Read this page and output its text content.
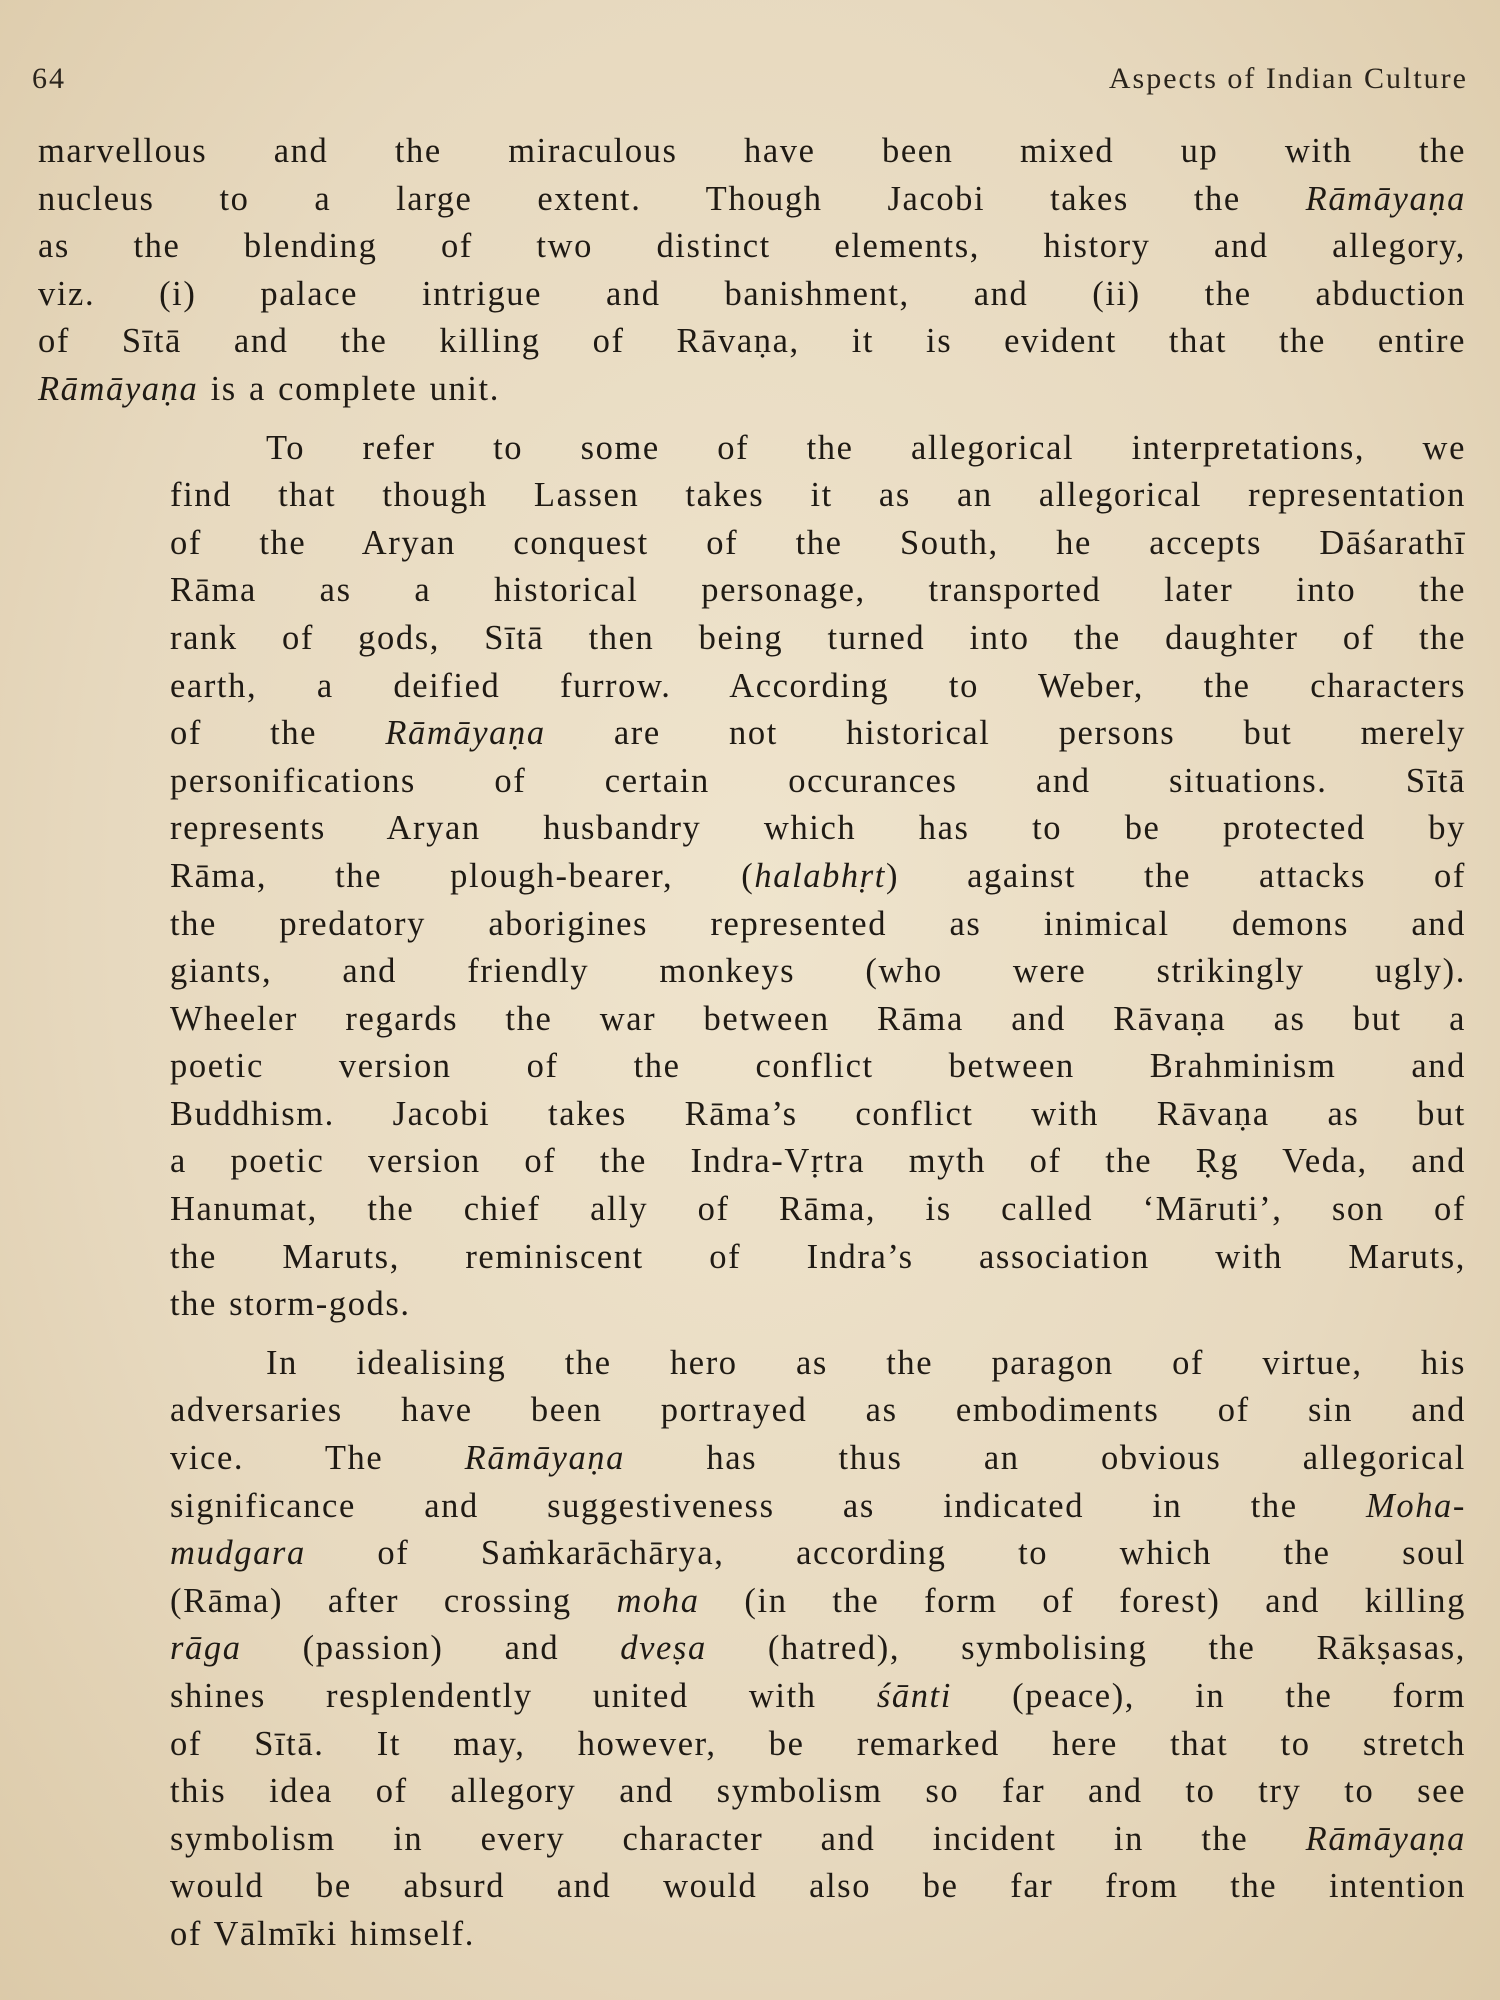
64	Aspects of Indian Culture
marvellous and the miraculous have been mixed up with the
nucleus to a large extent. Though Jacobi takes the Rāmāyaṇa
as the blending of two distinct elements, history and allegory,
viz. (i) palace intrigue and banishment, and (ii) the abduction
of Sītā and the killing of Rāvaṇa, it is evident that the entire
Rāmāyaṇa is a complete unit.
To refer to some of the allegorical interpretations, we
find that though Lassen takes it as an allegorical representation
of the Aryan conquest of the South, he accepts Dāśarathī
Rāma as a historical personage, transported later into the
rank of gods, Sītā then being turned into the daughter of the
earth, a deified furrow. According to Weber, the characters
of the Rāmāyaṇa are not historical persons but merely
personifications of certain occurances and situations. Sītā
represents Aryan husbandry which has to be protected by
Rāma, the plough-bearer, (halabhṛt) against the attacks of
the predatory aborigines represented as inimical demons and
giants, and friendly monkeys (who were strikingly ugly).
Wheeler regards the war between Rāma and Rāvaṇa as but a
poetic version of the conflict between Brahminism and
Buddhism. Jacobi takes Rāma’s conflict with Rāvaṇa as but
a poetic version of the Indra-Vṛtra myth of the Ṛg Veda, and
Hanumat, the chief ally of Rāma, is called ‘Māruti’, son of
the Maruts, reminiscent of Indra’s association with Maruts,
the storm-gods.
In idealising the hero as the paragon of virtue, his
adversaries have been portrayed as embodiments of sin and
vice. The Rāmāyaṇa has thus an obvious allegorical
significance and suggestiveness as indicated in the Moha-
mudgara of Saṁkarāchārya, according to which the soul
(Rāma) after crossing moha (in the form of forest) and killing
rāga (passion) and dveṣa (hatred), symbolising the Rākṣasas,
shines resplendently united with śānti (peace), in the form
of Sītā. It may, however, be remarked here that to stretch
this idea of allegory and symbolism so far and to try to see
symbolism in every character and incident in the Rāmāyaṇa
would be absurd and would also be far from the intention
of Vālmīki himself.
